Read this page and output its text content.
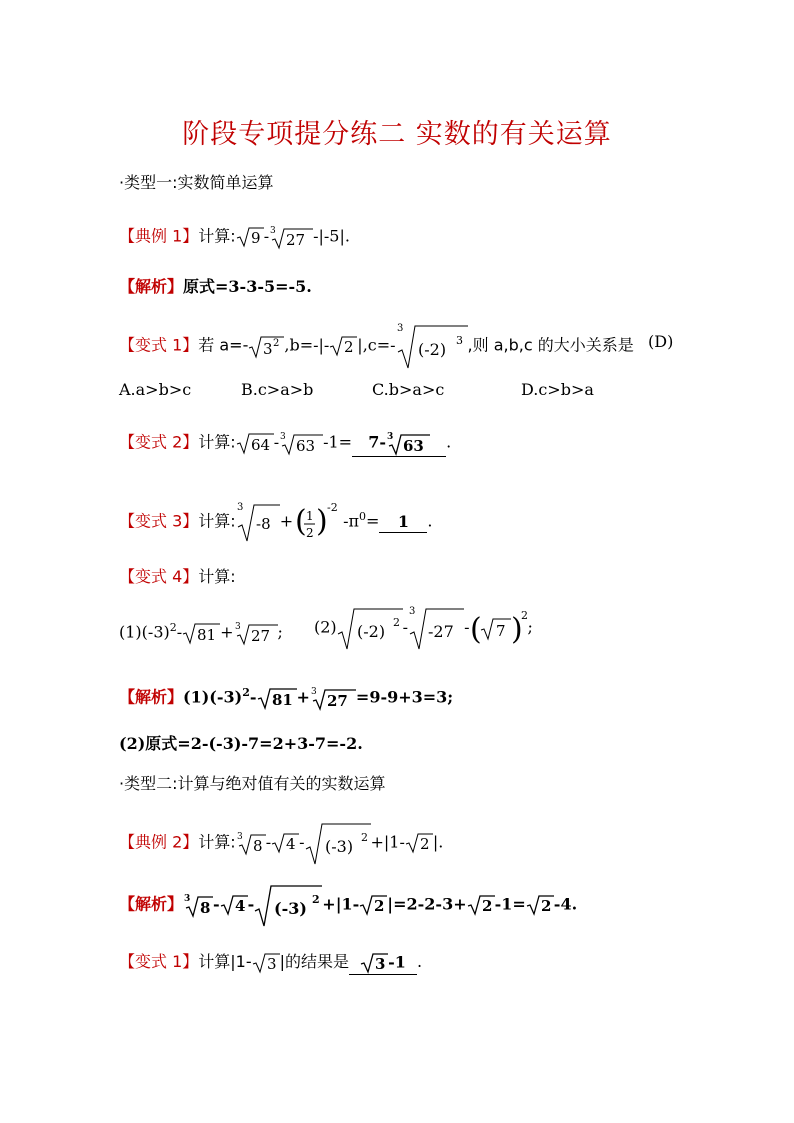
阶段专项提分练二 实数的有关运算
·类型一:实数简单运算
【典例 1】计算: 9 - 3 27 -|-5|.
【解析】原式=3-3-5=-5.
【变式 1】若 a=- 3 2 ,b=-|- 2 |,c=-
3
(-2) 3 ,则 a,b,c 的大小关系是 (D)
A.a>b>c	B.c>a>b	C.b>a>c	D.c>b>a
【变式 2】计算: 64 - 3 63 -1= 7- 3 63 .
【变式 3】计算:
3
-8 + ( 1
2 ) -2
$-\pi^0= 1$ .
【变式 4】计算:
$(1)(-3)^2-$ 81 + 3 27 ; (2) (-2) 2 -
3
-27 - ( 7 )
2
;
【解析】$(1)(-3)^2-$ 81 + 3 27 =9-9+3=3;
(2)原式=2-(-3)-7=2+3-7=-2.
·类型二:计算与绝对值有关的实数运算
【典例 2】计算: 3 8 - 4 - (-3) 2 +|1- 2 |.
【解析】 3 8 - 4 - (-3) 2 +|1- 2 |=2-2-3+ 2 -1= 2 -4.
【变式 1】计算|1- 3 |的结果是 3 -1 .
